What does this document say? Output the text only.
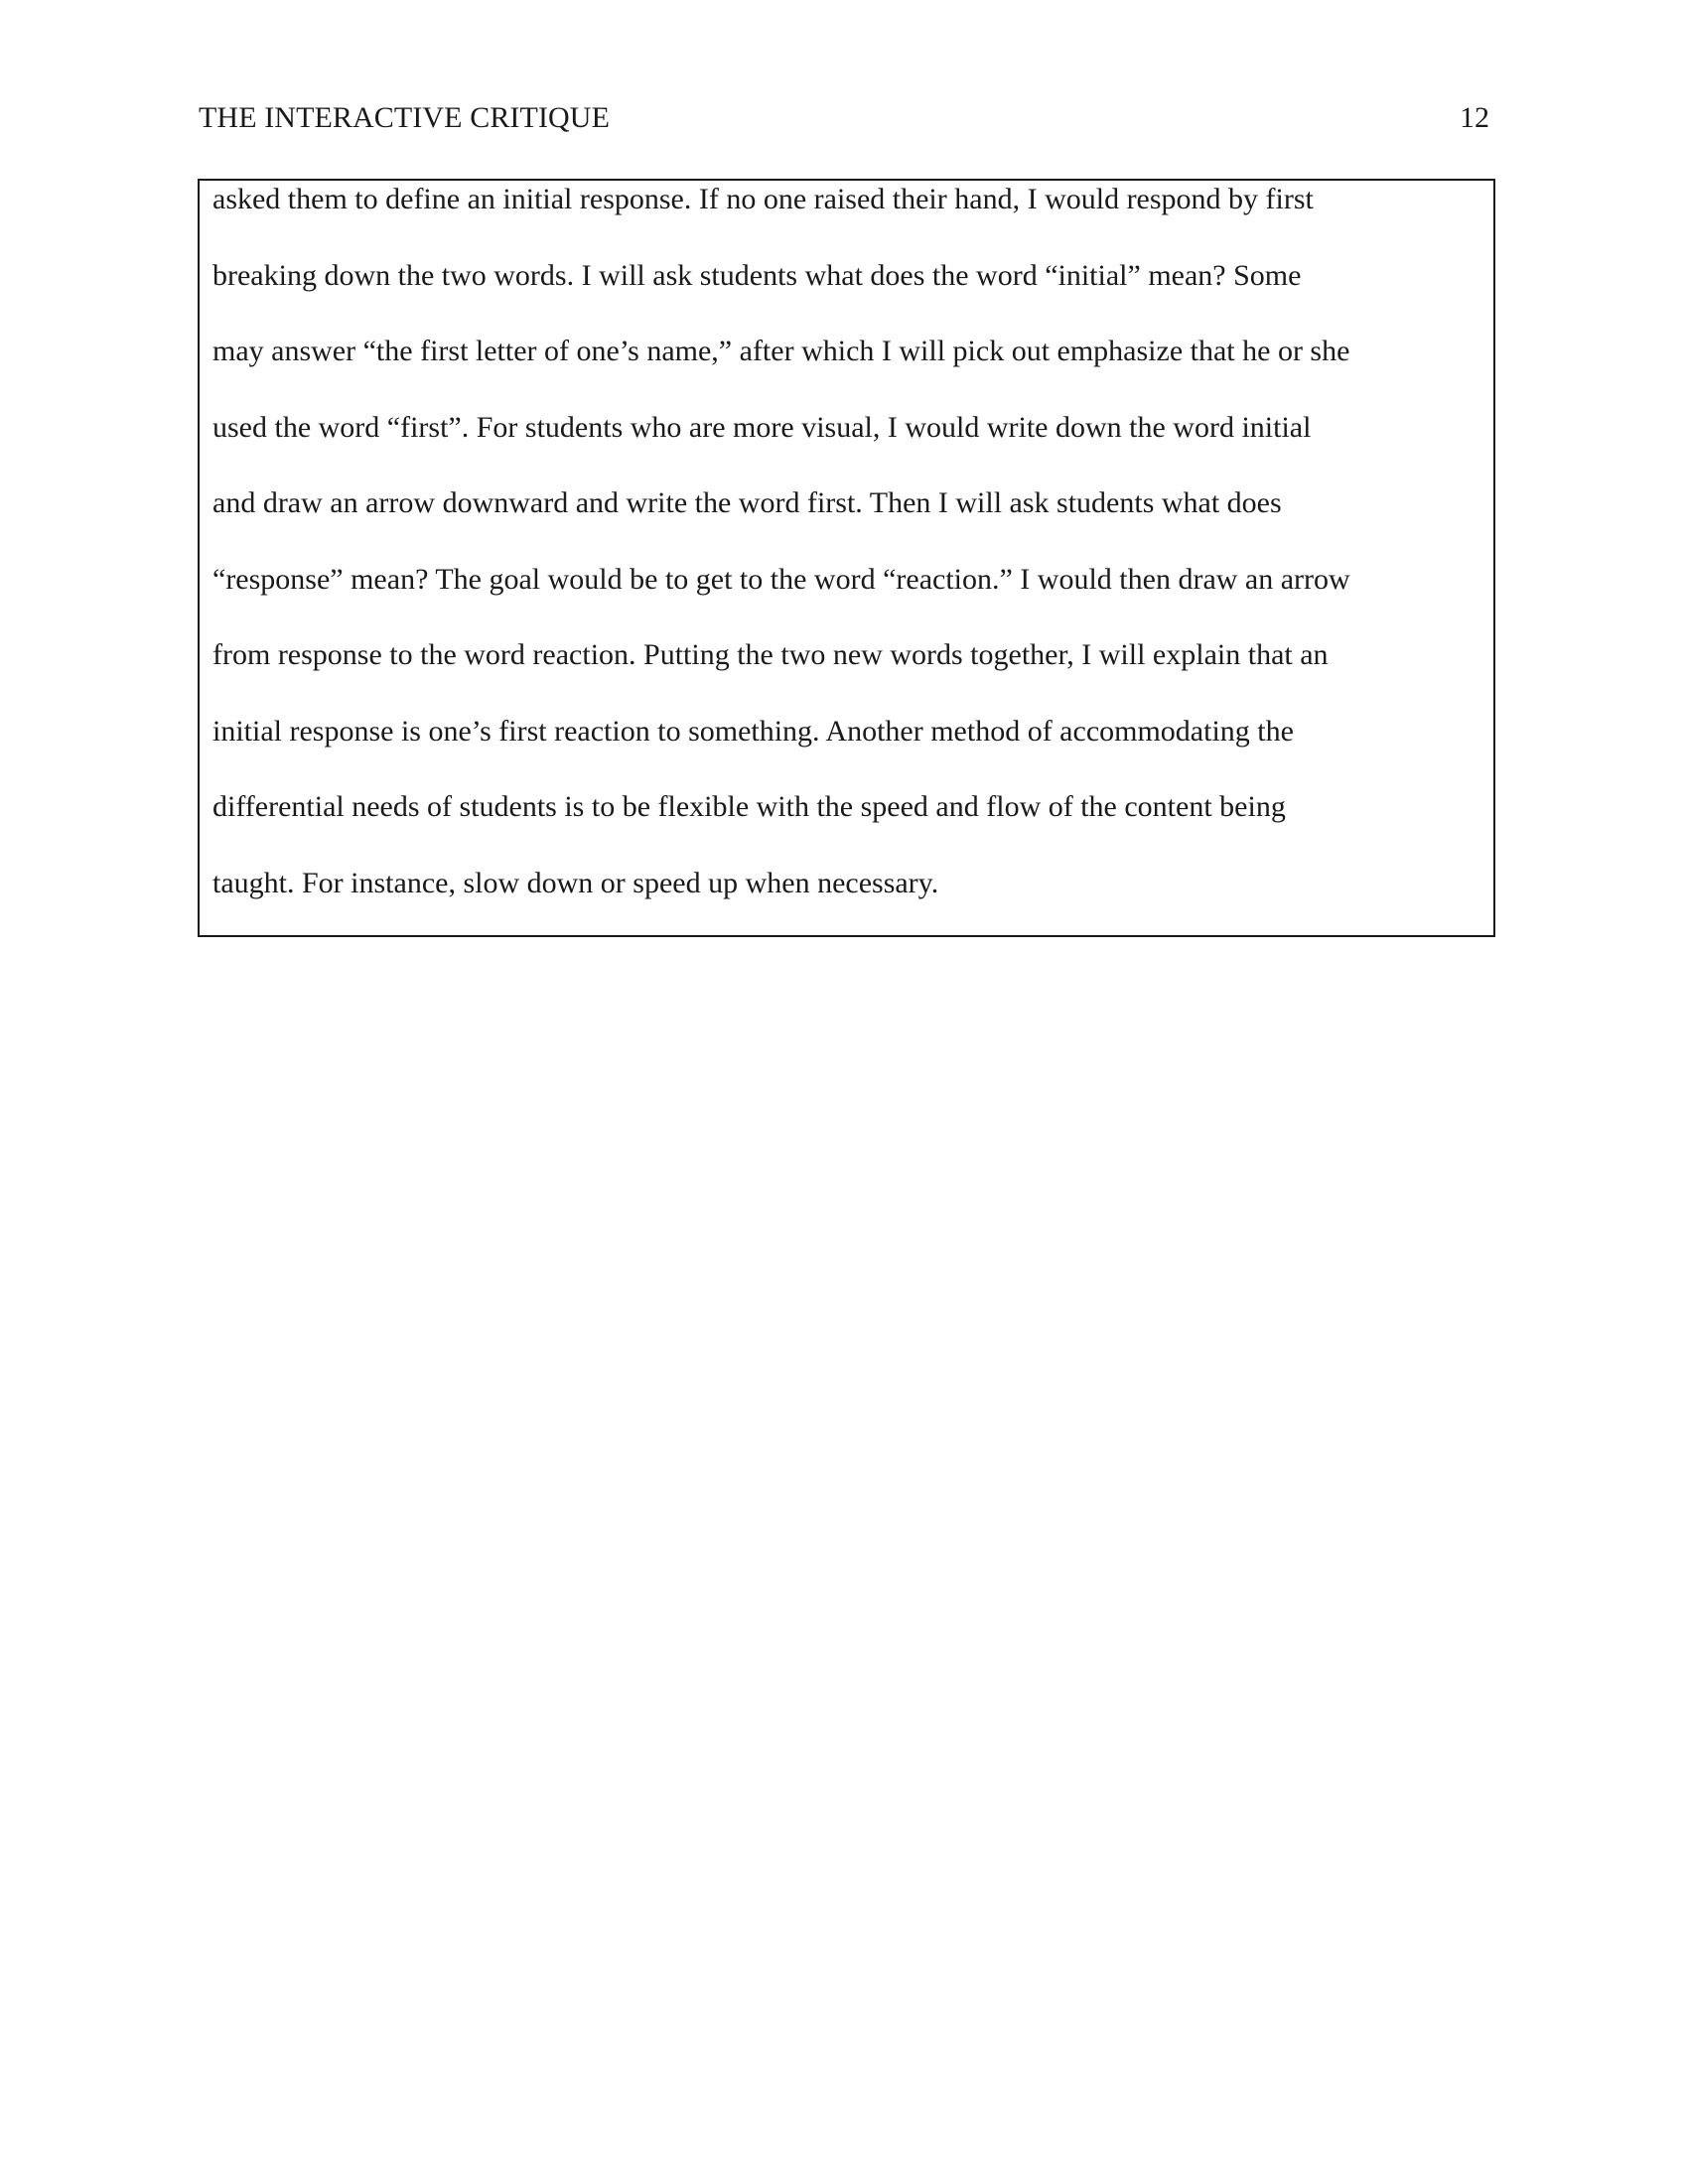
THE INTERACTIVE CRITIQUE	12
asked them to define an initial response. If no one raised their hand, I would respond by first
breaking down the two words. I will ask students what does the word “initial” mean? Some
may answer “the first letter of one’s name,” after which I will pick out emphasize that he or she
used the word “first”. For students who are more visual, I would write down the word initial
and draw an arrow downward and write the word first. Then I will ask students what does
“response” mean? The goal would be to get to the word “reaction.” I would then draw an arrow
from response to the word reaction. Putting the two new words together, I will explain that an
initial response is one’s first reaction to something. Another method of accommodating the
differential needs of students is to be flexible with the speed and flow of the content being
taught. For instance, slow down or speed up when necessary.
